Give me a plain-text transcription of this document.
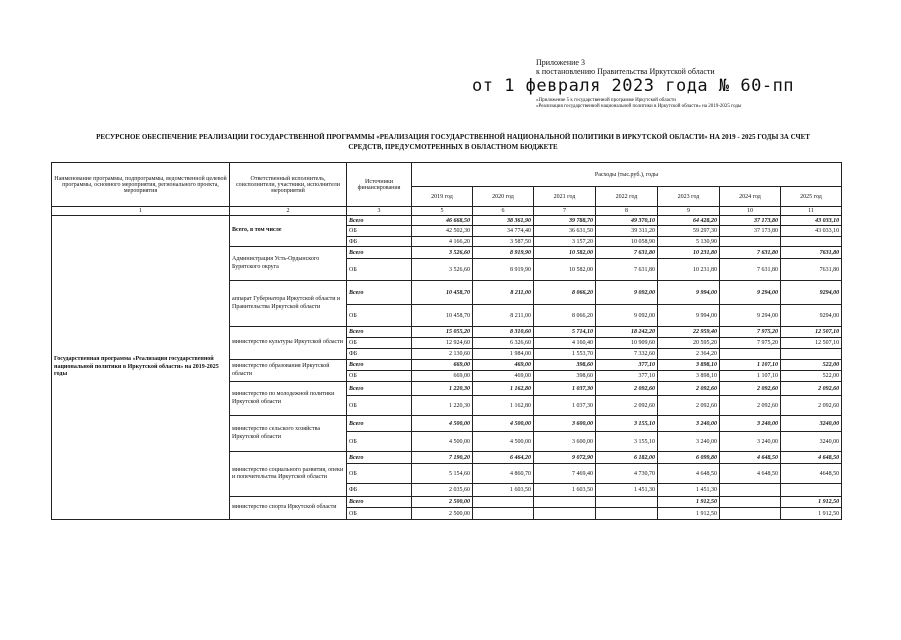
Приложение 3
к постановлению Правительства Иркутской области
от 1 февраля 2023 года № 60-пп
«Приложение 5 к государственной программе Иркутской области
«Реализация государственной национальной политики в Иркутской области» на 2019-2025 годы
РЕСУРСНОЕ ОБЕСПЕЧЕНИЕ РЕАЛИЗАЦИИ ГОСУДАРСТВЕННОЙ ПРОГРАММЫ «РЕАЛИЗАЦИЯ ГОСУДАРСТВЕННОЙ НАЦИОНАЛЬНОЙ ПОЛИТИКИ В ИРКУТСКОЙ ОБЛАСТИ» НА 2019 - 2025 ГОДЫ ЗА СЧЕТ
СРЕДСТВ, ПРЕДУСМОТРЕННЫХ В ОБЛАСТНОМ БЮДЖЕТЕ
Наименование программы, подпрограммы, ведомственной целевой программы, основного мероприятия, регионального проекта, мероприятия	Ответственный исполнитель, соисполнители, участники, исполнители мероприятий	Источники финансирования	Расходы (тыс.руб.), годы						
			2019 год	2020 год	2021 год	2022 год	2023 год	2024 год	2025 год
1	2	3	5	6	7	8	9	10	11
Государственная программа «Реализация государственной национальной политики в Иркутской области» на 2019-2025 годы	Всего, в том числе	Всего	46 668,50	38 361,90	39 788,70	49 370,10	64 428,20	37 173,80	43 033,10
		ОБ	42 502,30	34 774,40	36 631,50	39 311,20	59 297,30	37 173,80	43 033,10
		ФБ	4 166,20	3 587,50	3 157,20	10 058,90	5 130,90		
	Администрация Усть-Ордынского Бурятского округа	Всего	3 526,60	8 919,90	10 582,00	7 631,80	10 231,80	7 631,80	7631,80
		ОБ	3 526,60	8 919,90	10 582,00	7 631,80	10 231,80	7 631,80	7631,80
	аппарат Губернатора Иркутской области и Правительства Иркутской области	Всего	10 458,70	8 211,00	8 066,20	9 092,00	9 994,00	9 294,00	9294,00
		ОБ	10 458,70	8 211,00	8 066,20	9 092,00	9 994,00	9 294,00	9294,00
	министерство культуры Иркутской области	Всего	15 055,20	8 310,60	5 714,10	18 242,20	22 959,40	7 975,20	12 507,10
		ОБ	12 924,60	6 326,60	4 160,40	10 909,60	20 595,20	7 975,20	12 507,10
		ФБ	2 130,60	1 984,00	1 553,70	7 332,60	2 364,20		
	министерство образования Иркутской области	Всего	669,00	469,00	398,60	377,10	3 898,10	1 107,10	522,00
		ОБ	669,00	469,00	398,60	377,10	3 898,10	1 107,10	522,00
	министерство по молодежной политики Иркутской области	Всего	1 220,30	1 162,80	1 037,30	2 092,60	2 092,60	2 092,60	2 092,60
		ОБ	1 220,30	1 162,80	1 037,30	2 092,60	2 092,60	2 092,60	2 092,60
	министерство сельского хозяйства Иркутской области	Всего	4 500,00	4 500,00	3 600,00	3 155,10	3 240,00	3 240,00	3240,00
		ОБ	4 500,00	4 500,00	3 600,00	3 155,10	3 240,00	3 240,00	3240,00
	министерство социального развития, опеки и попечительства Иркутской области	Всего	7 190,20	6 464,20	9 072,90	6 182,00	6 099,80	4 648,50	4 648,50
		ОБ	5 154,60	4 860,70	7 469,40	4 730,70	4 648,50	4 648,50	4648,50
		ФБ	2 035,60	1 603,50	1 603,50	1 451,30	1 451,30		
	министерство спорта Иркутской области	Всего	2 500,00				1 912,50		1 912,50
		ОБ	2 500,00				1 912,50		1 912,50
